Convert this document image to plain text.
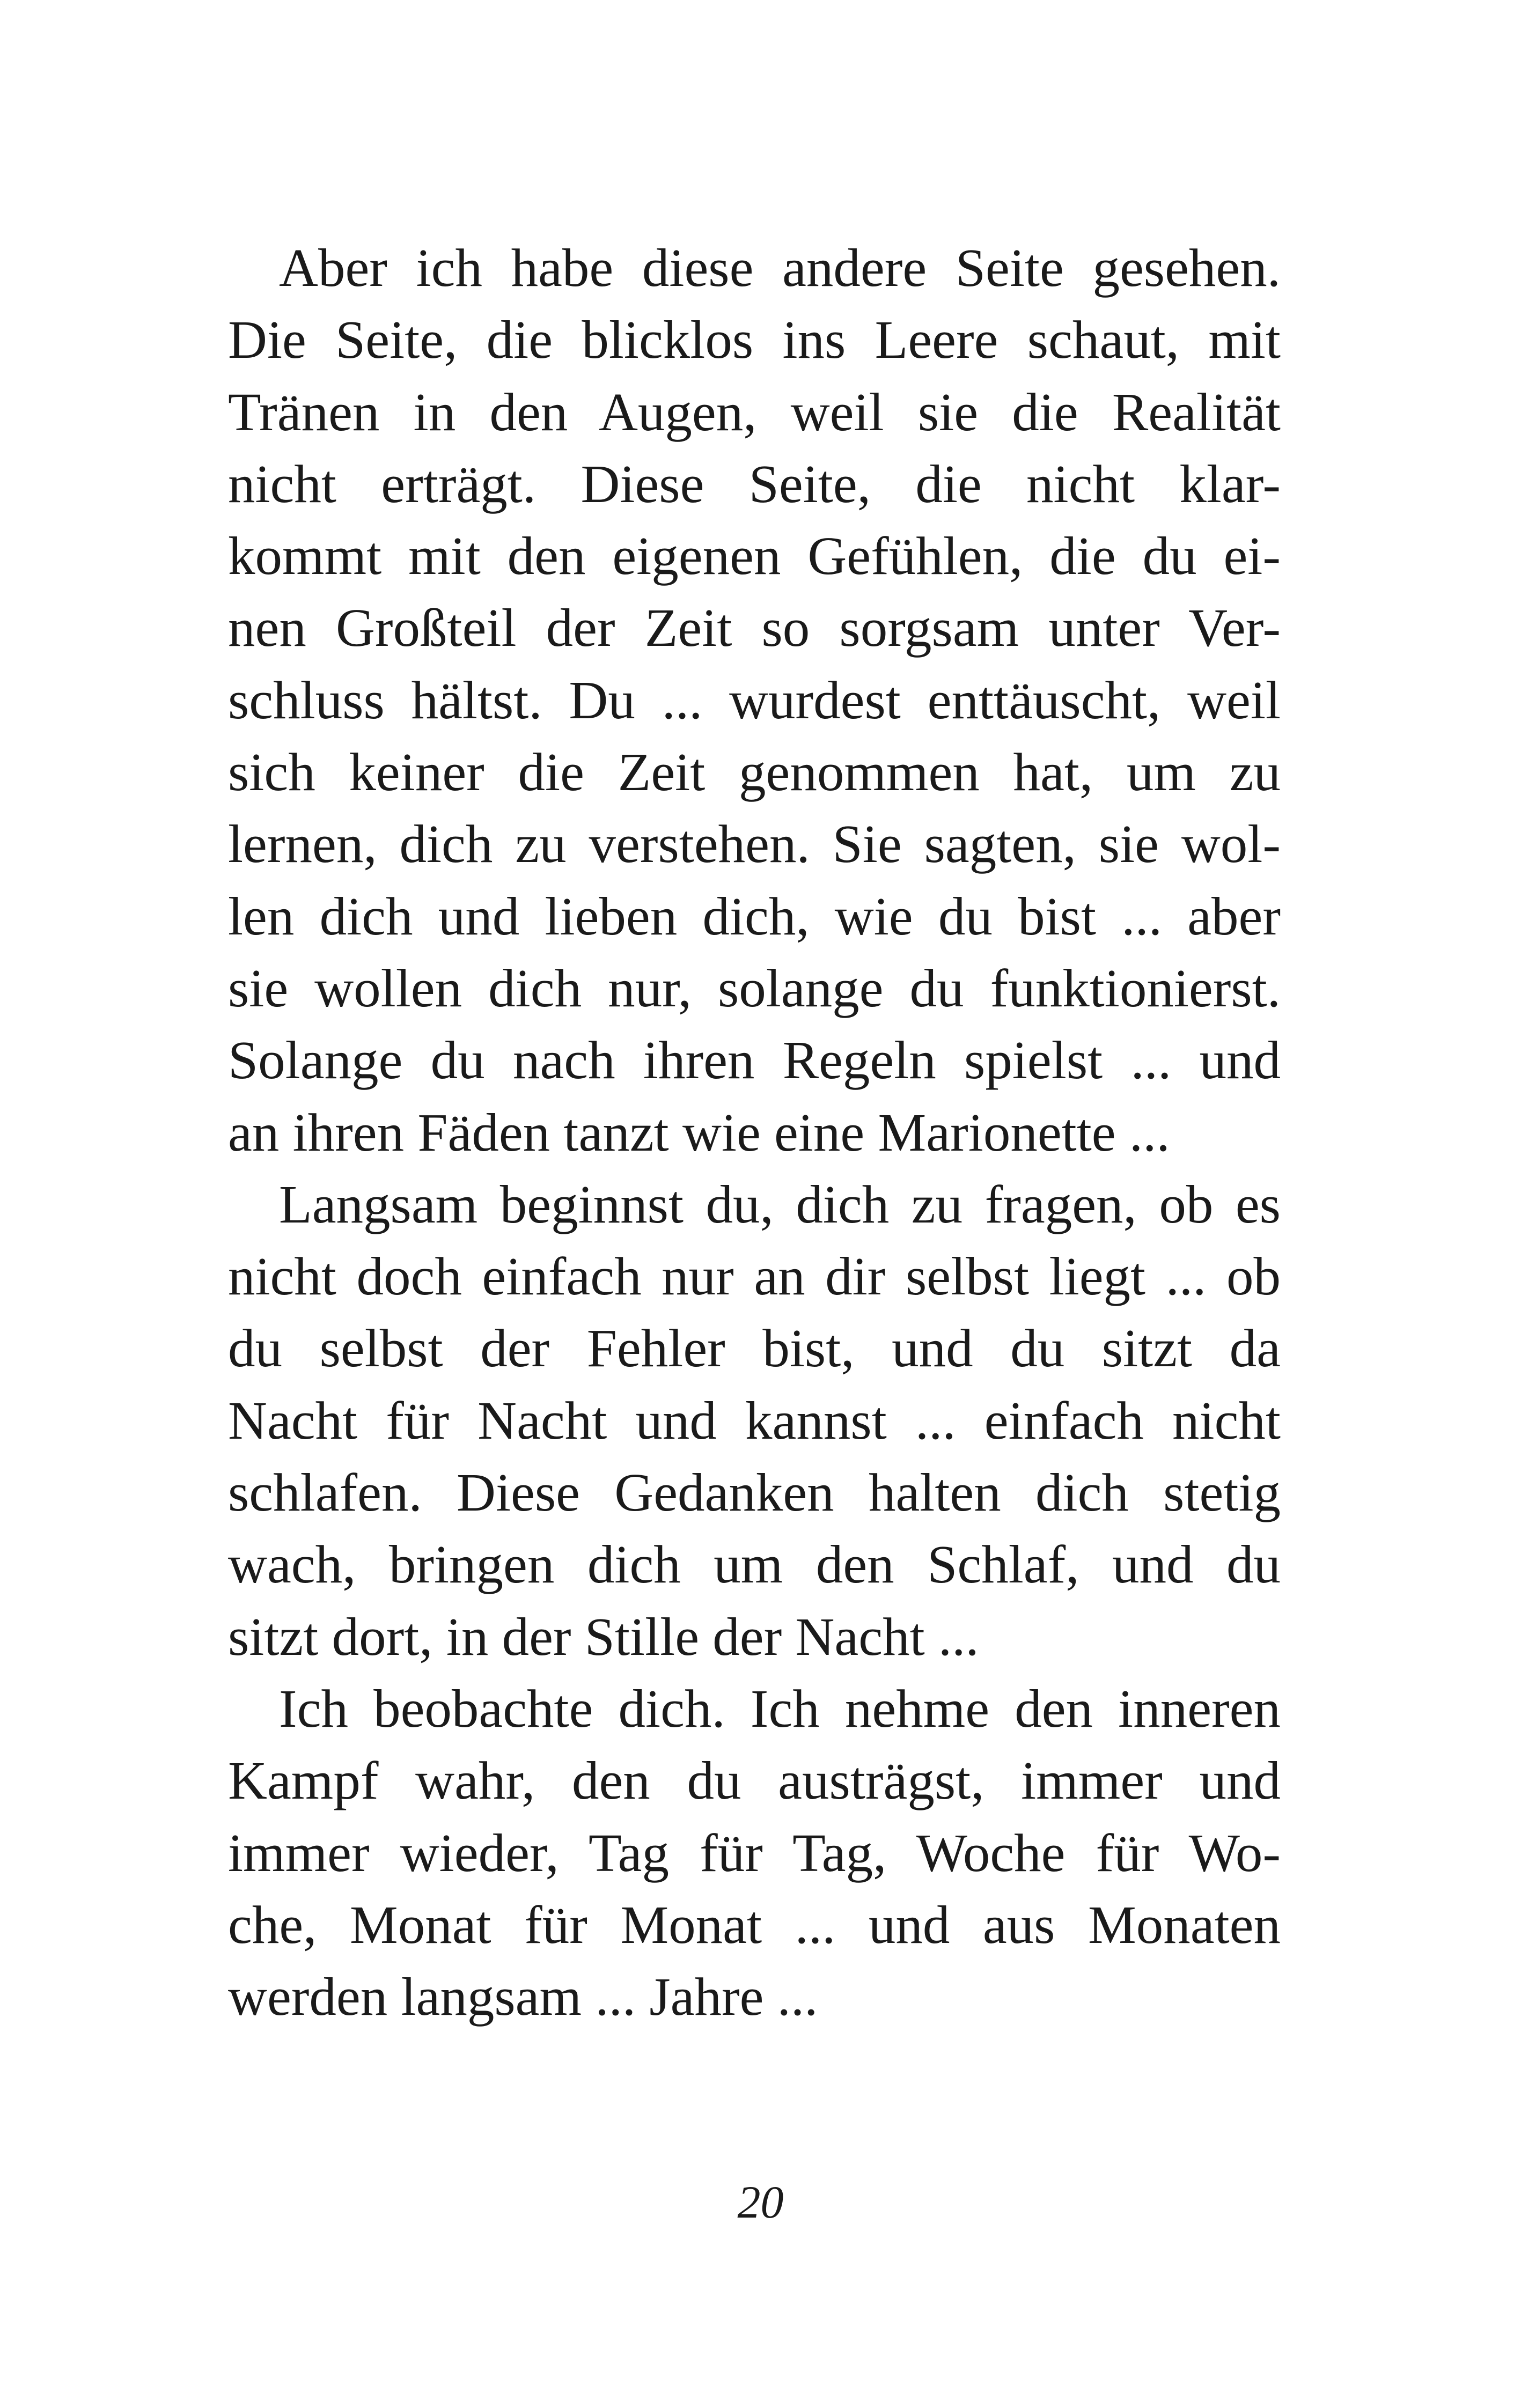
Aber ich habe diese andere Seite gesehen.
Die Seite, die blicklos ins Leere schaut, mit
Tränen in den Augen, weil sie die Realität
nicht erträgt. Diese Seite, die nicht klar-
kommt mit den eigenen Gefühlen, die du ei-
nen Großteil der Zeit so sorgsam unter Ver-
schluss hältst. Du ... wurdest enttäuscht, weil
sich keiner die Zeit genommen hat, um zu
lernen, dich zu verstehen. Sie sagten, sie wol-
len dich und lieben dich, wie du bist ... aber
sie wollen dich nur, solange du funktionierst.
Solange du nach ihren Regeln spielst ... und
an ihren Fäden tanzt wie eine Marionette ...
Langsam beginnst du, dich zu fragen, ob es
nicht doch einfach nur an dir selbst liegt ... ob
du selbst der Fehler bist, und du sitzt da
Nacht für Nacht und kannst ... einfach nicht
schlafen. Diese Gedanken halten dich stetig
wach, bringen dich um den Schlaf, und du
sitzt dort, in der Stille der Nacht ...
Ich beobachte dich. Ich nehme den inneren
Kampf wahr, den du austrägst, immer und
immer wieder, Tag für Tag, Woche für Wo-
che, Monat für Monat ... und aus Monaten
werden langsam ... Jahre ...
20
